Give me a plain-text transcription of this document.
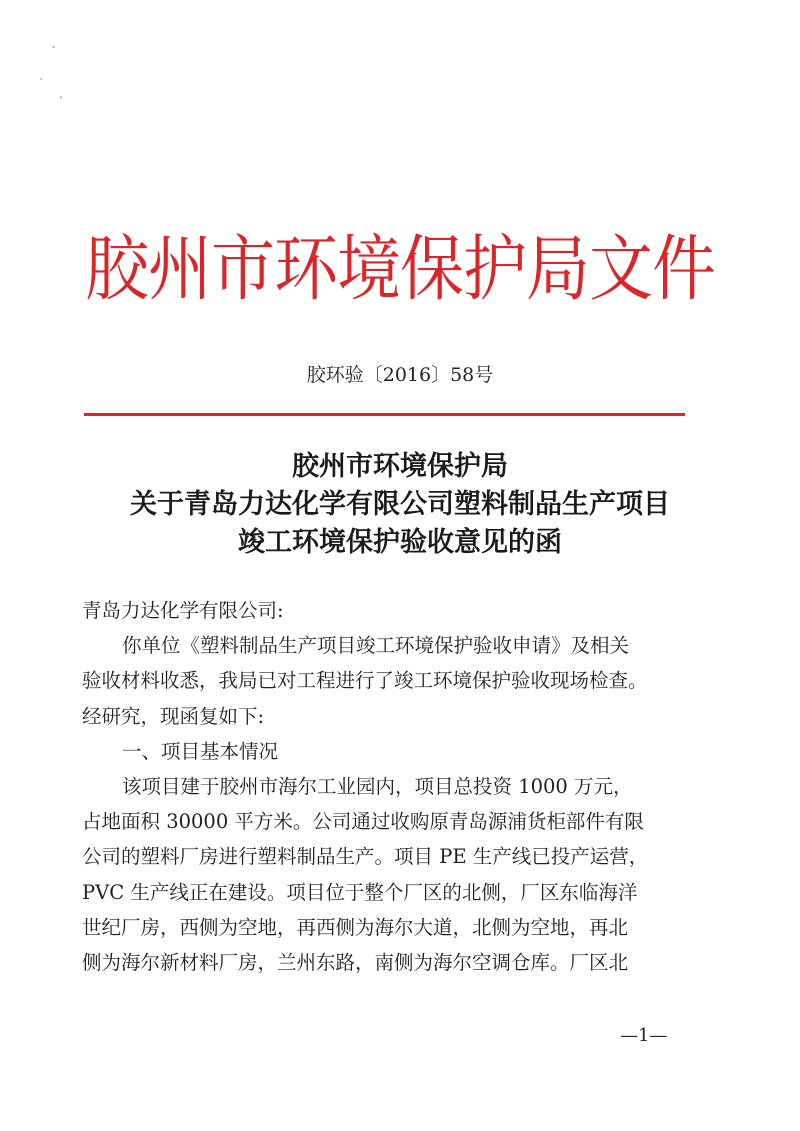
胶州市环境保护局文件
胶环验〔2016〕58号
胶州市环境保护局
关于青岛力达化学有限公司塑料制品生产项目
竣工环境保护验收意见的函

青岛力达化学有限公司:

你单位《塑料制品生产项目竣工环境保护验收申请》及相关

验收材料收悉，我局已对工程进行了竣工环境保护验收现场检查。

经研究，现函复如下:

一、项目基本情况

该项目建于胶州市海尔工业园内，项目总投资 1000 万元，

占地面积 30000 平方米。公司通过收购原青岛源浦货柜部件有限

公司的塑料厂房进行塑料制品生产。项目 PE 生产线已投产运营，

PVC 生产线正在建设。项目位于整个厂区的北侧，厂区东临海洋

世纪厂房，西侧为空地，再西侧为海尔大道，北侧为空地，再北

侧为海尔新材料厂房，兰州东路，南侧为海尔空调仓库。厂区北

—1—
